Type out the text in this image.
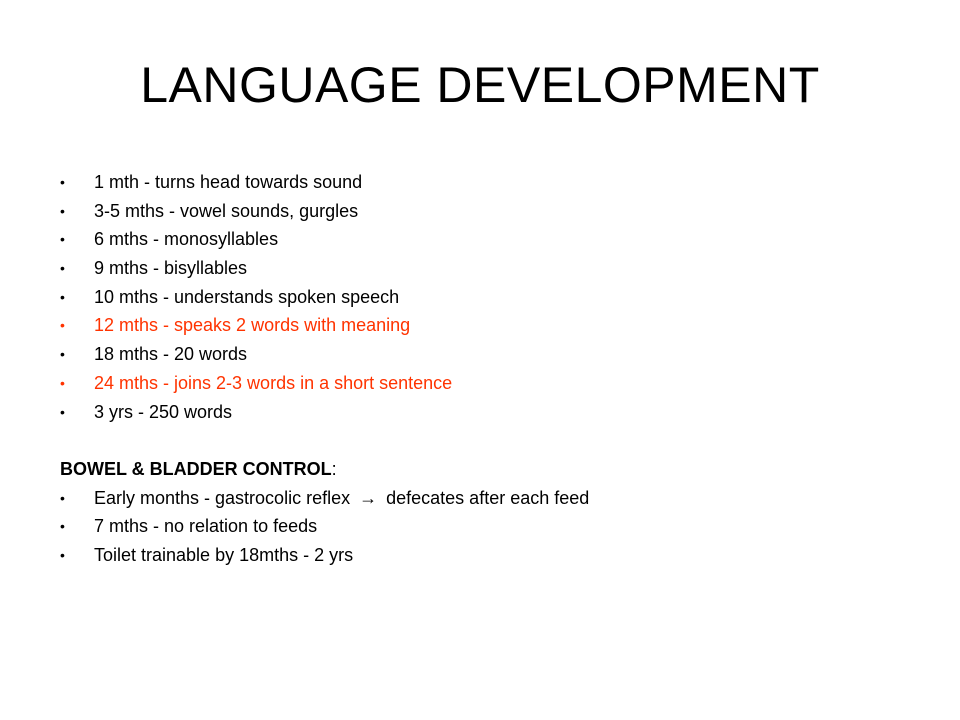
LANGUAGE DEVELOPMENT
•	1 mth - turns head towards sound
•	3-5 mths - vowel sounds, gurgles
•	6 mths - monosyllables
•	9 mths - bisyllables
•	10 mths - understands spoken speech
•	12 mths - speaks 2 words with meaning
•	18 mths - 20 words
•	24 mths - joins 2-3 words in a short sentence
•	3 yrs - 250 words
BOWEL & BLADDER CONTROL:
•	Early months - gastrocolic reflex → defecates after each feed
•	7 mths - no relation to feeds
•	Toilet trainable by 18mths - 2 yrs
